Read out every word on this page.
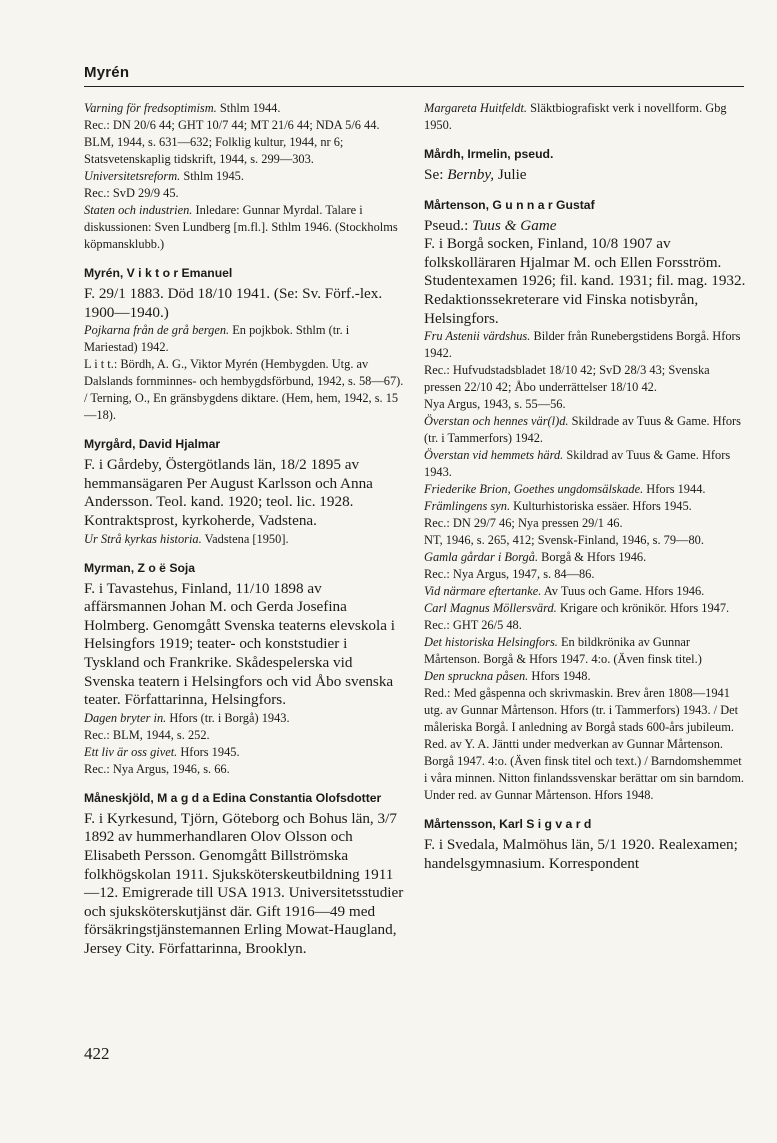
Myrén

Varning för fredsoptimism. Sthlm 1944.

Rec.: DN 20/6 44; GHT 10/7 44; MT 21/6 44; NDA 5/6 44.

BLM, 1944, s. 631—632; Folklig kultur, 1944, nr 6; Statsvetenskaplig tidskrift, 1944, s. 299—303.

Universitetsreform. Sthlm 1945.

Rec.: SvD 29/9 45.

Staten och industrien. Inledare: Gunnar Myrdal. Talare i diskussionen: Sven Lundberg [m.fl.]. Sthlm 1946. (Stockholms köpmansklubb.)

Myrén, V i k t o r Emanuel

F. 29/1 1883. Död 18/10 1941. (Se: Sv. Förf.-lex. 1900—1940.)

Pojkarna från de grå bergen. En pojkbok. Sthlm (tr. i Mariestad) 1942.

L i t t.: Bördh, A. G., Viktor Myrén (Hembygden. Utg. av Dalslands fornminnes- och hembygdsförbund, 1942, s. 58—67). / Terning, O., En gränsbygdens diktare. (Hem, hem, 1942, s. 15—18).

Myrgård, David Hjalmar

F. i Gårdeby, Östergötlands län, 18/2 1895 av hemmansägaren Per August Karlsson och Anna Andersson. Teol. kand. 1920; teol. lic. 1928. Kontraktsprost, kyrkoherde, Vadstena.

Ur Strå kyrkas historia. Vadstena [1950].

Myrman, Z o ë Soja

F. i Tavastehus, Finland, 11/10 1898 av affärsmannen Johan M. och Gerda Josefina Holmberg. Genomgått Svenska teaterns elevskola i Helsingfors 1919; teater- och konststudier i Tyskland och Frankrike. Skådespelerska vid Svenska teatern i Helsingfors och vid Åbo svenska teater. Författarinna, Helsingfors.

Dagen bryter in. Hfors (tr. i Borgå) 1943.

Rec.: BLM, 1944, s. 252.

Ett liv är oss givet. Hfors 1945.

Rec.: Nya Argus, 1946, s. 66.

Måneskjöld, M a g d a Edina Constantia Olofsdotter

F. i Kyrkesund, Tjörn, Göteborg och Bohus län, 3/7 1892 av hummerhandlaren Olov Olsson och Elisabeth Persson. Genomgått Billströmska folkhögskolan 1911. Sjuksköterskeutbildning 1911—12. Emigrerade till USA 1913. Universitetsstudier och sjuksköterskutjänst där. Gift 1916—49 med försäkringstjänstemannen Erling Mowat-Haugland, Jersey City. Författarinna, Brooklyn.

Margareta Huitfeldt. Släktbiografiskt verk i novellform. Gbg 1950.

Mårdh, Irmelin, pseud.

Se: Bernby, Julie

Mårtenson, G u n n a r Gustaf

Pseud.: Tuus & Game

F. i Borgå socken, Finland, 10/8 1907 av folkskolläraren Hjalmar M. och Ellen Forsström. Studentexamen 1926; fil. kand. 1931; fil. mag. 1932. Redaktionssekreterare vid Finska notisbyrån, Helsingfors.

Fru Astenii värdshus. Bilder från Runebergstidens Borgå. Hfors 1942.

Rec.: Hufvudstadsbladet 18/10 42; SvD 28/3 43; Svenska pressen 22/10 42; Åbo underrättelser 18/10 42.

Nya Argus, 1943, s. 55—56.

Överstan och hennes vär(l)d. Skildrade av Tuus & Game. Hfors (tr. i Tammerfors) 1942.

Överstan vid hemmets härd. Skildrad av Tuus & Game. Hfors 1943.

Friederike Brion, Goethes ungdomsälskade. Hfors 1944.

Främlingens syn. Kulturhistoriska essäer. Hfors 1945.

Rec.: DN 29/7 46; Nya pressen 29/1 46.

NT, 1946, s. 265, 412; Svensk-Finland, 1946, s. 79—80.

Gamla gårdar i Borgå. Borgå & Hfors 1946.

Rec.: Nya Argus, 1947, s. 84—86.

Vid närmare eftertanke. Av Tuus och Game. Hfors 1946.

Carl Magnus Möllersvärd. Krigare och krönikör. Hfors 1947.

Rec.: GHT 26/5 48.

Det historiska Helsingfors. En bildkrönika av Gunnar Mårtenson. Borgå & Hfors 1947. 4:o. (Även finsk titel.)

Den spruckna påsen. Hfors 1948.

Red.: Med gåspenna och skrivmaskin. Brev åren 1808—1941 utg. av Gunnar Mårtenson. Hfors (tr. i Tammerfors) 1943. / Det måleriska Borgå. I anledning av Borgå stads 600-års jubileum. Red. av Y. A. Jäntti under medverkan av Gunnar Mårtenson. Borgå 1947. 4:o. (Även finsk titel och text.) / Barndomshemmet i våra minnen. Nitton finlandssvenskar berättar om sin barndom. Under red. av Gunnar Mårtenson. Hfors 1948.

Mårtensson, Karl S i g v a r d

F. i Svedala, Malmöhus län, 5/1 1920. Realexamen; handelsgymnasium. Korrespondent

422
